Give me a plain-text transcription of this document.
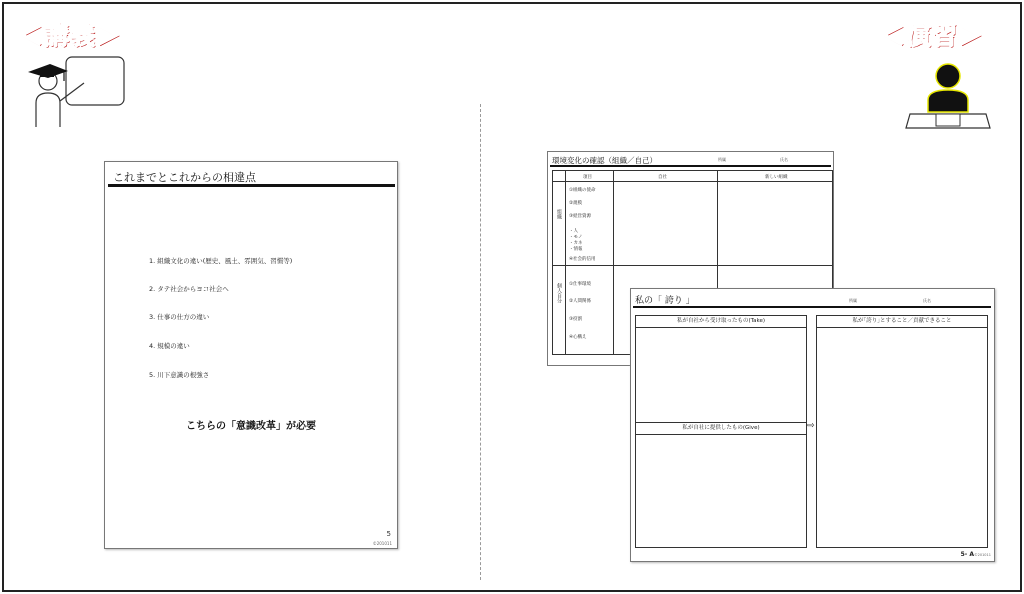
＜講義＞	＜演習＞
これまでとこれからの相違点
1. 組織文化の違い(歴史、風土、雰囲気、習慣等)
2. タテ社会からヨコ社会へ
3. 仕事の仕方の違い
4. 規模の違い
5. 川下意識の根強さ
こちらの「意識改革」が必要
5
©201011
環境変化の確認（組織／自己）	所属	氏名
項目	自社	新しい組織
組織
個人自分
①組織の使命
②規模
③経営資源
・人
・モノ
・カネ
・情報
④社会的信用
①仕事環境
②人間関係
③役割
④心構え
私の「 誇り 」	所属	氏名
私が自社から受け取ったもの(Take)
私が自社に提供したもの(Give)	⇨
私が｢誇り｣とすること／貢献できること
5- A ©201011
